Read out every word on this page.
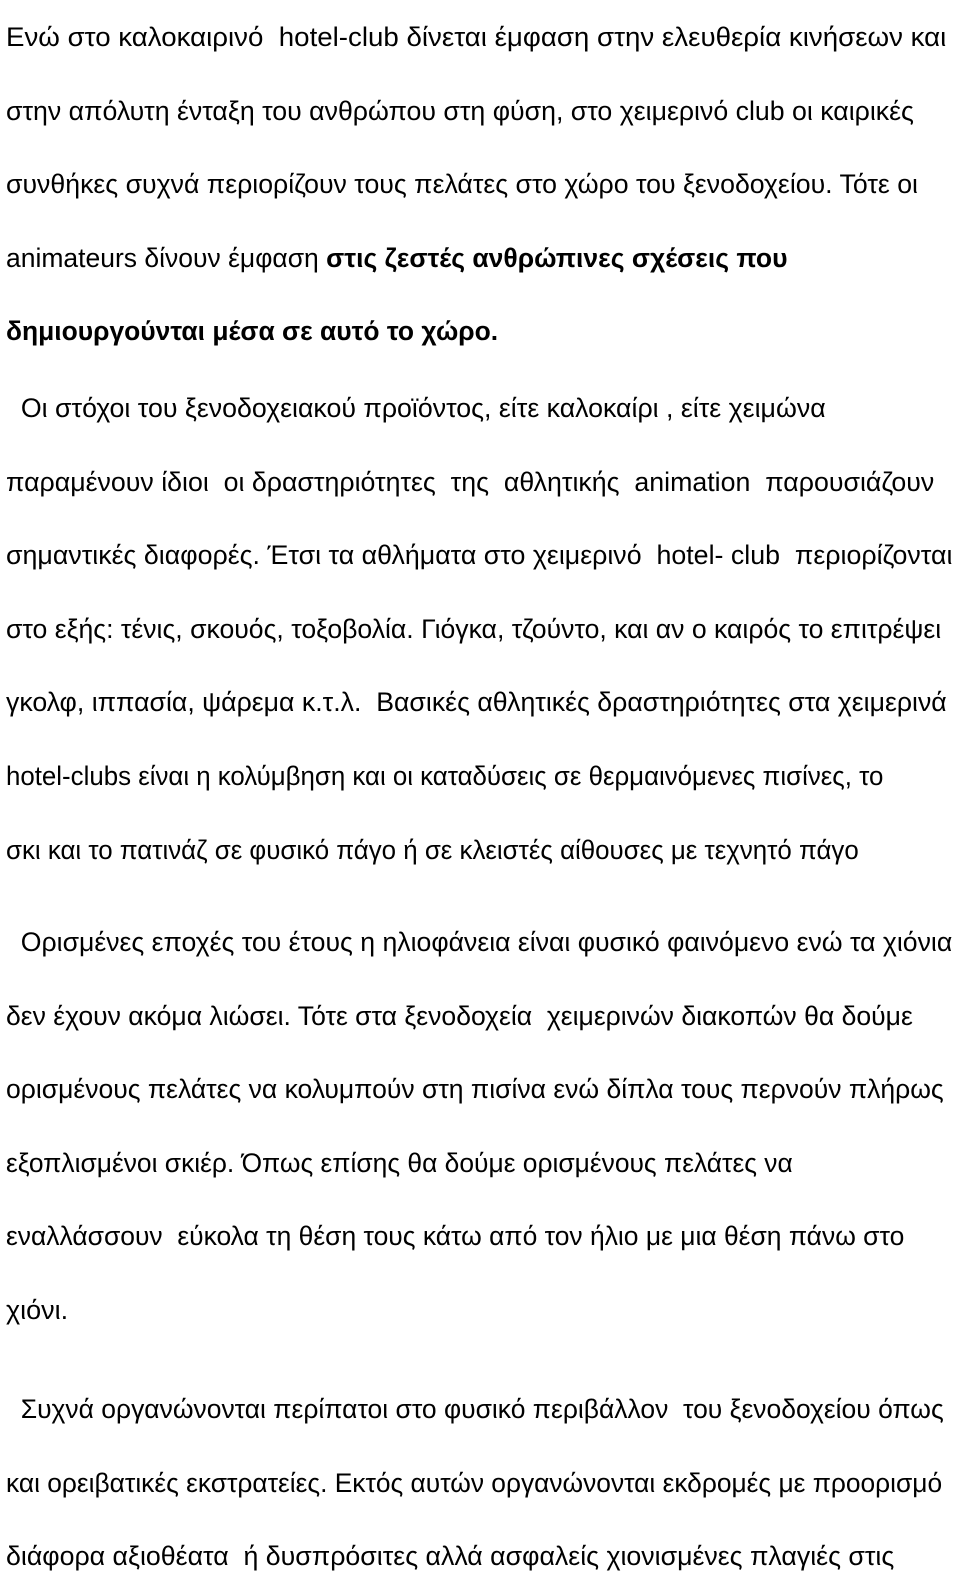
Ενώ στο καλοκαιρινό  hotel-club δίνεται έμφαση στην ελευθερία κινήσεων και
στην απόλυτη ένταξη του ανθρώπου στη φύση, στο χειμερινό club οι καιρικές
συνθήκες συχνά περιορίζουν τους πελάτες στο χώρο του ξενοδοχείου. Τότε οι
animateurs δίνουν έμφαση στις ζεστές ανθρώπινες σχέσεις που
δημιουργούνται μέσα σε αυτό το χώρο.
Οι στόχοι του ξενοδοχειακού προϊόντος, είτε καλοκαίρι , είτε χειμώνα
παραμένουν ίδιοι  οι δραστηριότητες  της  αθλητικής  animation  παρουσιάζουν
σημαντικές διαφορές. Έτσι τα αθλήματα στο χειμερινό  hotel- club  περιορίζονται
στο εξής: τένις, σκουός, τοξοβολία. Γιόγκα, τζούντο, και αν ο καιρός το επιτρέψει
γκολφ, ιππασία, ψάρεμα κ.τ.λ.  Βασικές αθλητικές δραστηριότητες στα χειμερινά
hotel-clubs είναι η κολύμβηση και οι καταδύσεις σε θερμαινόμενες πισίνες, το
σκι και το πατινάζ σε φυσικό πάγο ή σε κλειστές αίθουσες με τεχνητό πάγο
Ορισμένες εποχές του έτους η ηλιοφάνεια είναι φυσικό φαινόμενο ενώ τα χιόνια
δεν έχουν ακόμα λιώσει. Τότε στα ξενοδοχεία  χειμερινών διακοπών θα δούμε
ορισμένους πελάτες να κολυμπούν στη πισίνα ενώ δίπλα τους περνούν πλήρως
εξοπλισμένοι σκιέρ. Όπως επίσης θα δούμε ορισμένους πελάτες να
εναλλάσσουν  εύκολα τη θέση τους κάτω από τον ήλιο με μια θέση πάνω στο
χιόνι.
Συχνά οργανώνονται περίπατοι στο φυσικό περιβάλλον  του ξενοδοχείου όπως
και ορειβατικές εκστρατείες. Εκτός αυτών οργανώνονται εκδρομές με προορισμό
διάφορα αξιοθέατα  ή δυσπρόσιτες αλλά ασφαλείς χιονισμένες πλαγιές στις
